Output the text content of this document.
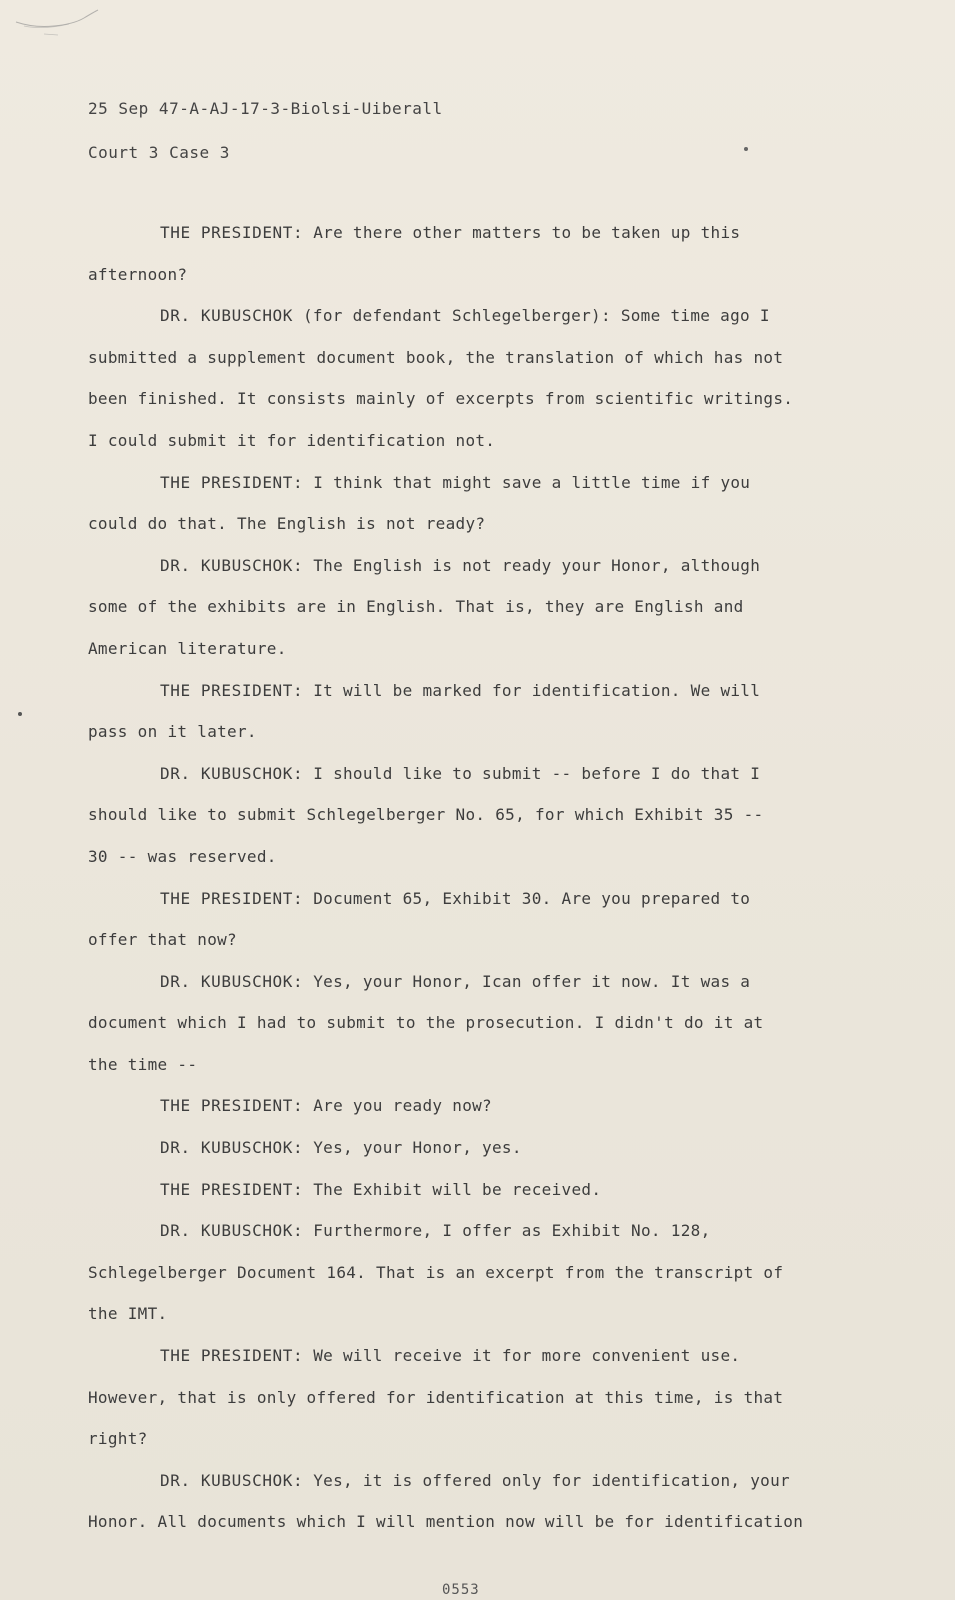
25 Sep 47-A-AJ-17-3-Biolsi-Uiberall
Court 3 Case 3

THE PRESIDENT: Are there other matters to be taken up this

afternoon?

DR. KUBUSCHOK (for defendant Schlegelberger): Some time ago I

submitted a supplement document book, the translation of which has not

been finished. It consists mainly of excerpts from scientific writings.

I could submit it for identification not.

THE PRESIDENT: I think that might save a little time if you

could do that. The English is not ready?

DR. KUBUSCHOK: The English is not ready your Honor, although

some of the exhibits are in English. That is, they are English and

American literature.

THE PRESIDENT: It will be marked for identification. We will

pass on it later.

DR. KUBUSCHOK: I should like to submit -- before I do that I

should like to submit Schlegelberger No. 65, for which Exhibit 35 --

30 -- was reserved.

THE PRESIDENT: Document 65, Exhibit 30. Are you prepared to

offer that now?

DR. KUBUSCHOK: Yes, your Honor, Ican offer it now. It was a

document which I had to submit to the prosecution. I didn't do it at

the time --

THE PRESIDENT: Are you ready now?

DR. KUBUSCHOK: Yes, your Honor, yes.

THE PRESIDENT: The Exhibit will be received.

DR. KUBUSCHOK: Furthermore, I offer as Exhibit No. 128,

Schlegelberger Document 164. That is an excerpt from the transcript of

the IMT.

THE PRESIDENT: We will receive it for more convenient use.

However, that is only offered for identification at this time, is that

right?

DR. KUBUSCHOK: Yes, it is offered only for identification, your

Honor. All documents which I will mention now will be for identification

0553
